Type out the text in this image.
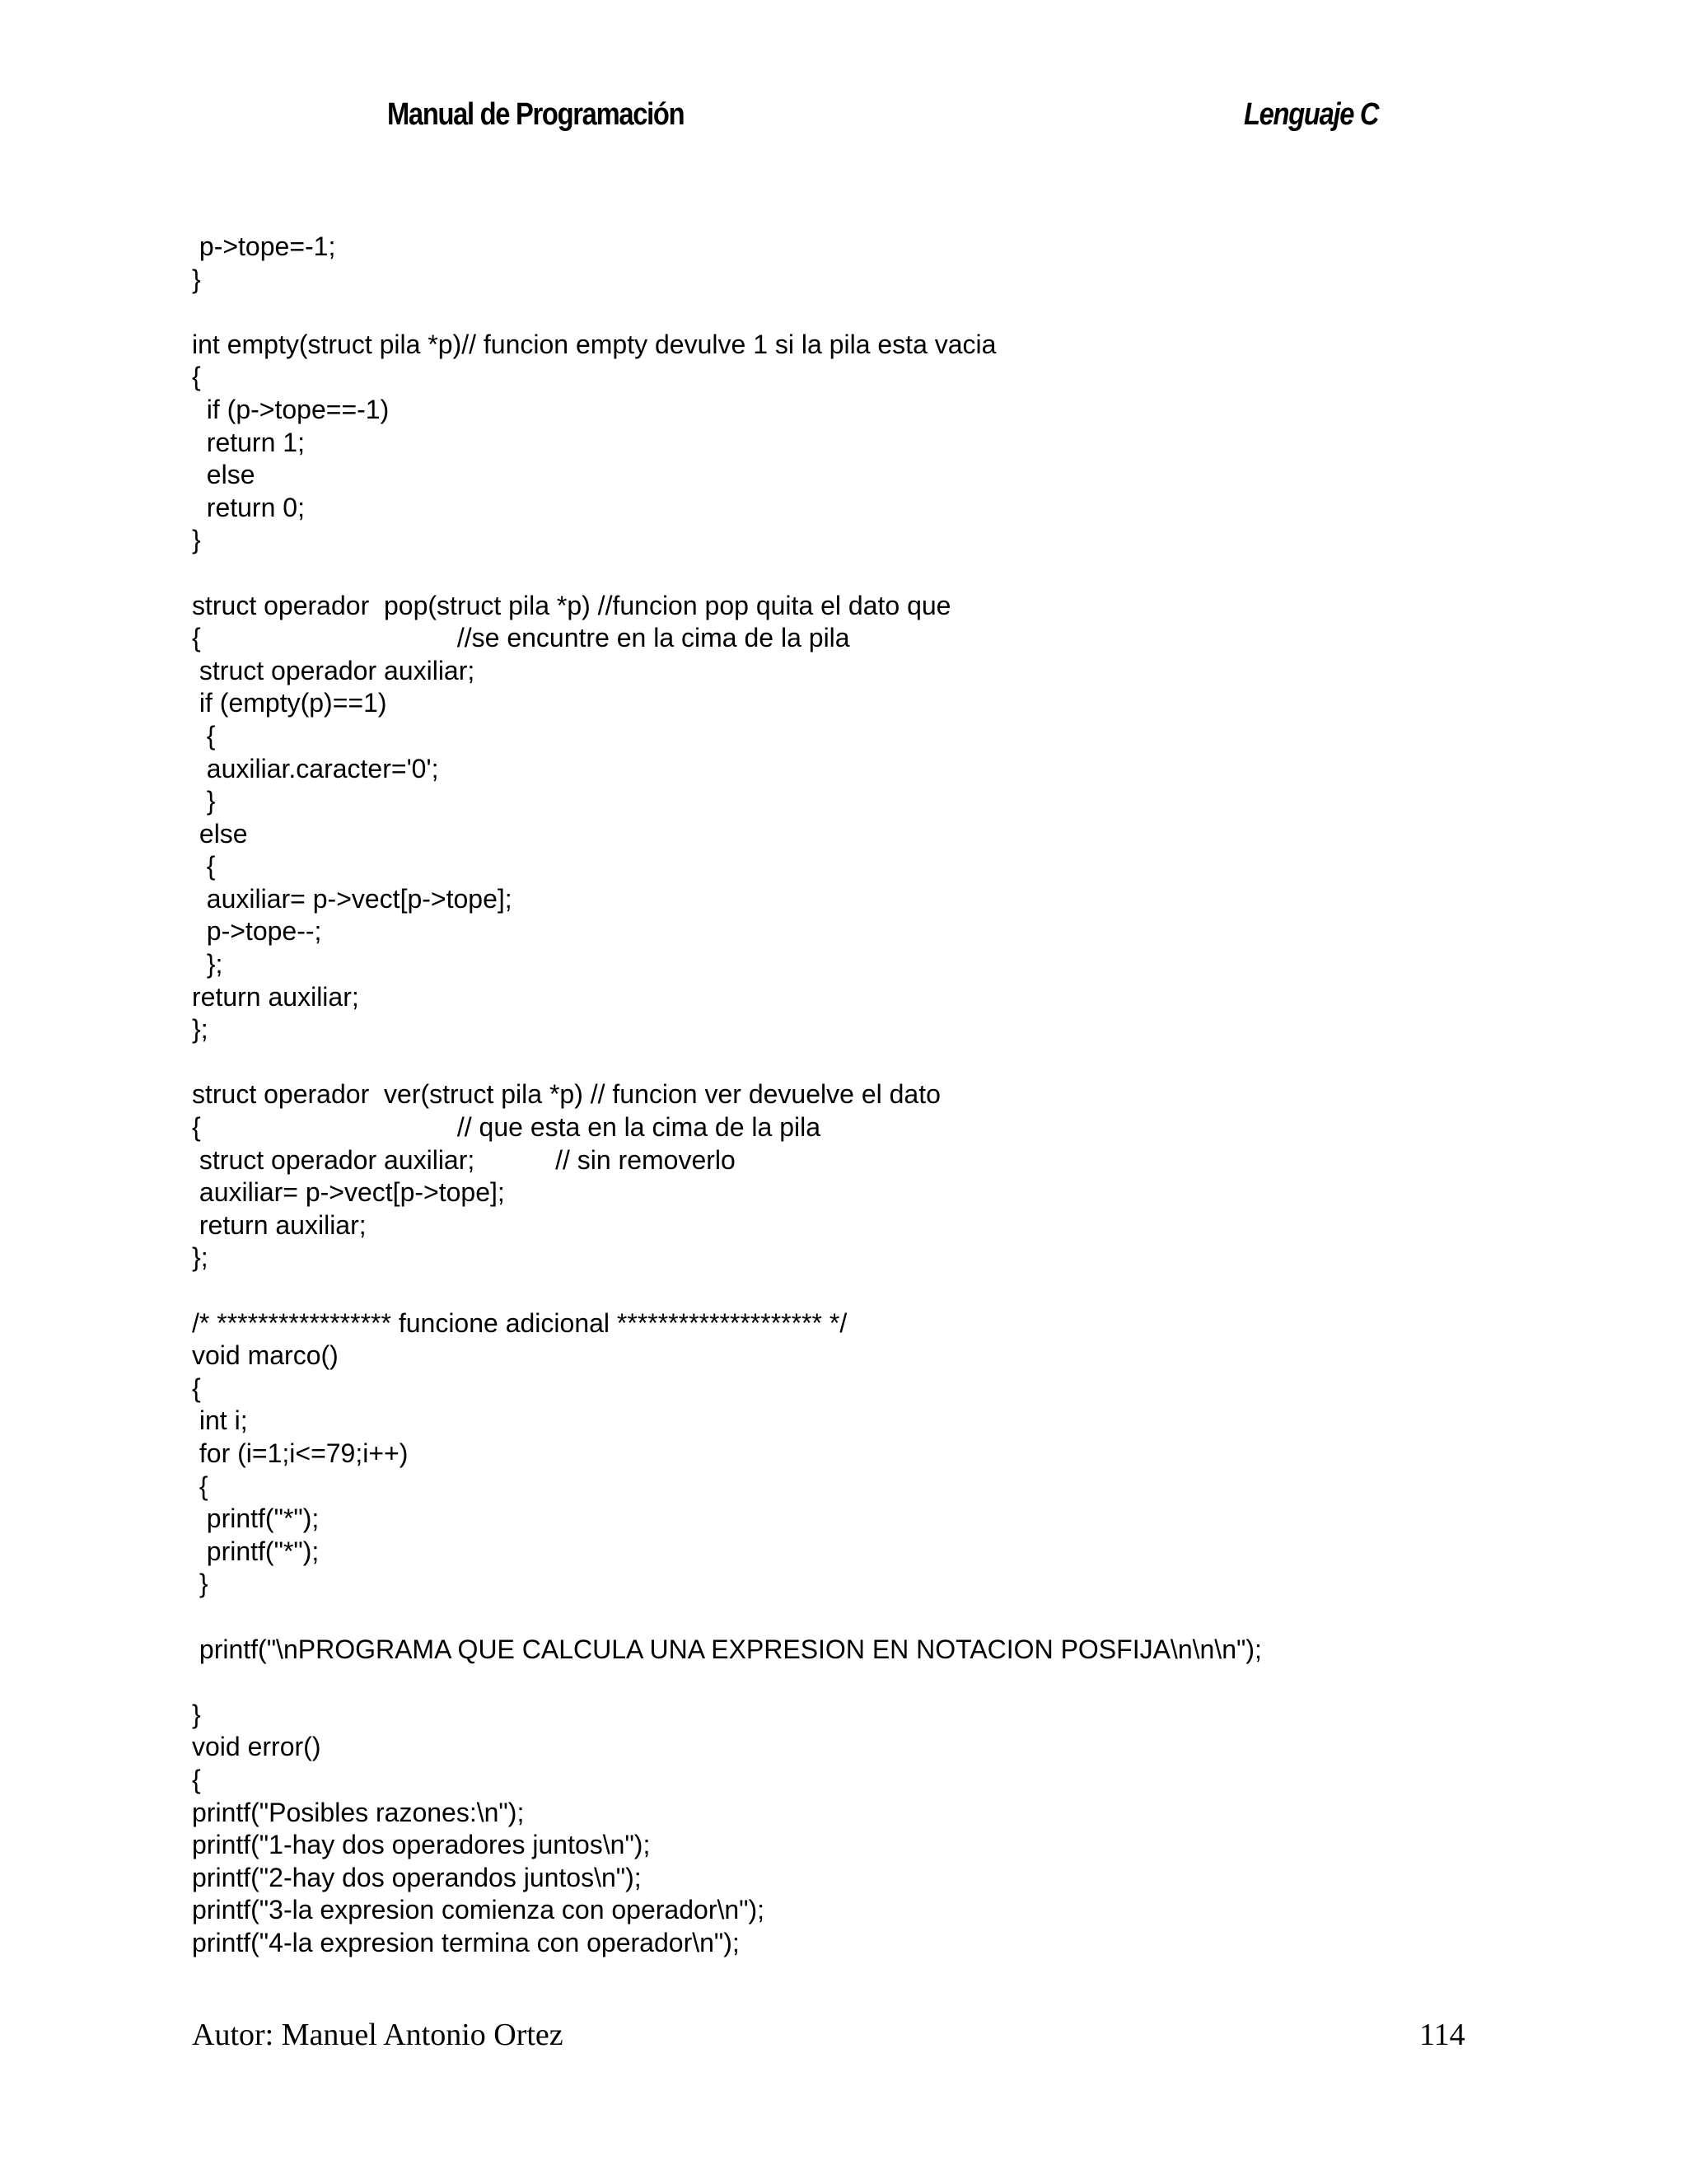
Manual de Programación	Lenguaje C
p->tope=-1;
}
int empty(struct pila *p)// funcion empty devulve 1 si la pila esta vacia
{
if (p->tope==-1)
return 1;
else
return 0;
}
struct operador  pop(struct pila *p) //funcion pop quita el dato que
{                                   //se encuntre en la cima de la pila
struct operador auxiliar;
if (empty(p)==1)
{
auxiliar.caracter='0';
}
else
{
auxiliar= p->vect[p->tope];
p->tope--;
};
return auxiliar;
};
struct operador  ver(struct pila *p) // funcion ver devuelve el dato
{                                   // que esta en la cima de la pila
struct operador auxiliar;           // sin removerlo
auxiliar= p->vect[p->tope];
return auxiliar;
};
/* ***************** funcione adicional ******************** */
void marco()
{
int i;
for (i=1;i<=79;i++)
{
printf("*");
printf("*");
}
printf("\nPROGRAMA QUE CALCULA UNA EXPRESION EN NOTACION POSFIJA\n\n\n");
}
void error()
{
printf("Posibles razones:\n");
printf("1-hay dos operadores juntos\n");
printf("2-hay dos operandos juntos\n");
printf("3-la expresion comienza con operador\n");
printf("4-la expresion termina con operador\n");
Autor: Manuel Antonio Ortez	114
